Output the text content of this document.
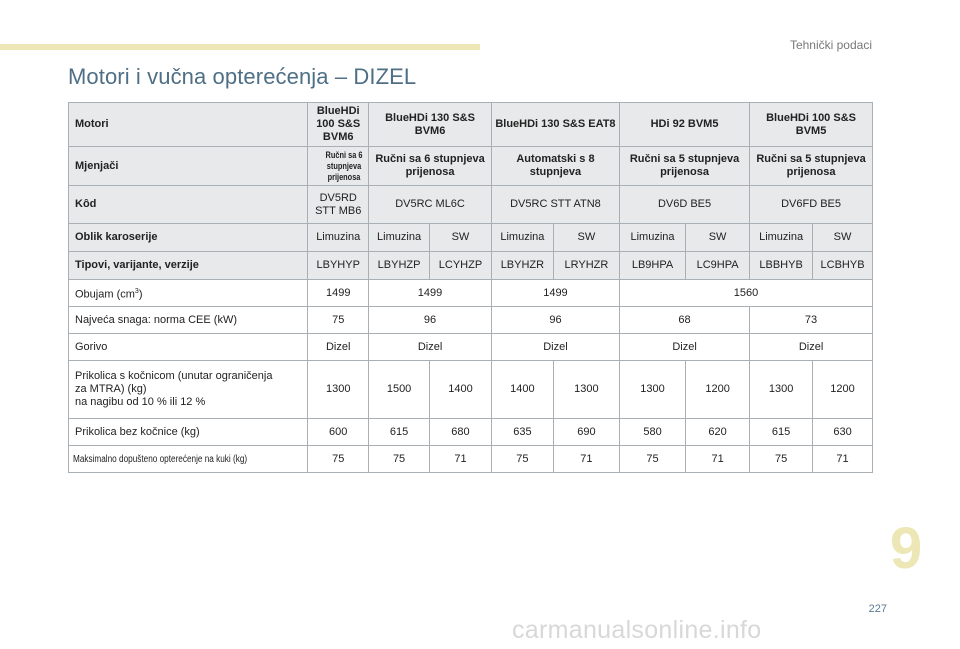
Tehnički podaci
Motori i vučna opterećenja – DIZEL
Motori	BlueHDi 100 S&S BVM6	BlueHDi 130 S&S BVM6		BlueHDi 130 S&S EAT8		HDi 92 BVM5		BlueHDi 100 S&S BVM5	
Mjenjači	Ručni sa 6 stupnjeva prijenosa	Ručni sa 6 stupnjeva prijenosa		Automatski s 8 stupnjeva		Ručni sa 5 stupnjeva prijenosa		Ručni sa 5 stupnjeva prijenosa	
Kôd	DV5RD STT MB6	DV5RC ML6C		DV5RC STT ATN8		DV6D BE5		DV6FD BE5	
Oblik karoserije	Limuzina	Limuzina	SW	Limuzina	SW	Limuzina	SW	Limuzina	SW
Tipovi, varijante, verzije	LBYHYP	LBYHZP	LCYHZP	LBYHZR	LRYHZR	LB9HPA	LC9HPA	LBBHYB	LCBHYB
Obujam $(cm^3)$	1499	1499		1499		1560			
Najveća snaga: norma CEE (kW)	75	96		96		68		73	
Gorivo	Dizel	Dizel		Dizel		Dizel		Dizel	
Prikolica s kočnicom (unutar ograničenja
za MTRA) (kg)
na nagibu od 10 % ili 12 %	1300	1500	1400	1400	1300	1300	1200	1300	1200
Prikolica bez kočnice (kg)	600	615	680	635	690	580	620	615	630
Maksimalno dopušteno opterećenje na kuki (kg)	75	75	71	75	71	75	71	75	71
9
227
carmanualsonline.info
